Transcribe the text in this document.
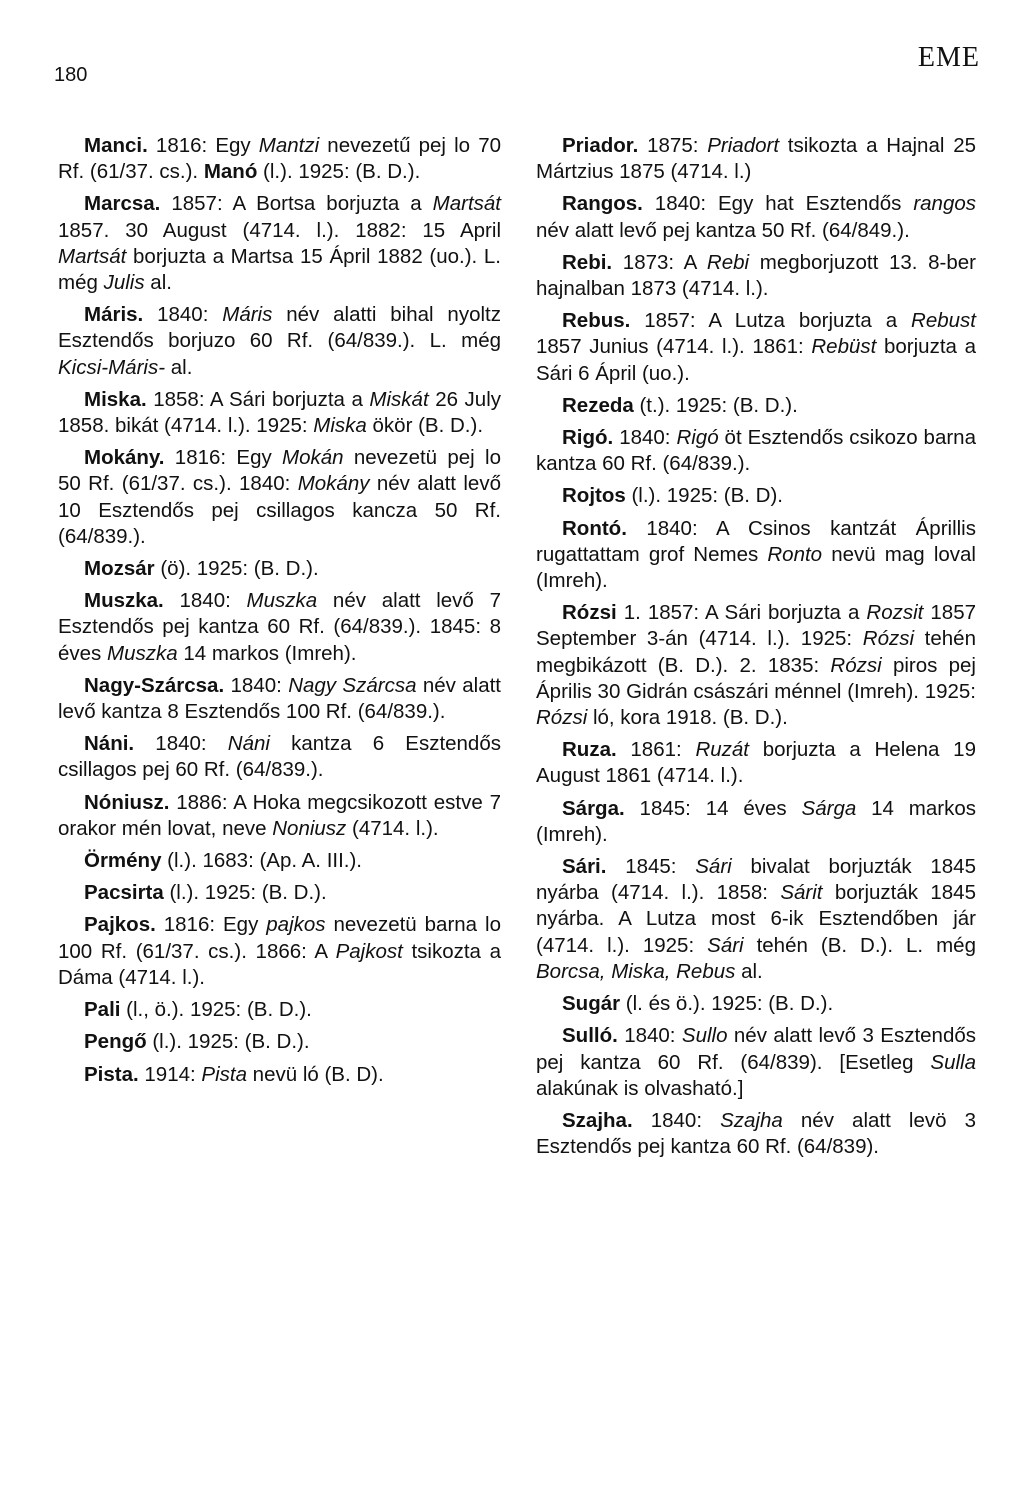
180
EME

Manci. 1816: Egy Mantzi nevezetű pej lo 70 Rf. (61/37. cs.). Manó (l.). 1925: (B. D.).

Marcsa. 1857: A Bortsa borjuzta a Martsát 1857. 30 August (4714. l.). 1882: 15 April Martsát borjuzta a Martsa 15 Ápril 1882 (uo.). L. még Julis al.

Máris. 1840: Máris név alatti bihal nyoltz Esztendős borjuzo 60 Rf. (64/839.). L. még Kicsi-Máris- al.

Miska. 1858: A Sári borjuzta a Miskát 26 July 1858. bikát (4714. l.). 1925: Miska ökör (B. D.).

Mokány. 1816: Egy Mokán nevezetü pej lo 50 Rf. (61/37. cs.). 1840: Mokány név alatt levő 10 Esztendős pej csillagos kancza 50 Rf. (64/839.).

Mozsár (ö). 1925: (B. D.).

Muszka. 1840: Muszka név alatt levő 7 Esztendős pej kantza 60 Rf. (64/839.). 1845: 8 éves Muszka 14 markos (Imreh).

Nagy-Szárcsa. 1840: Nagy Szárcsa név alatt levő kantza 8 Esztendős 100 Rf. (64/839.).

Náni. 1840: Náni kantza 6 Esztendős csillagos pej 60 Rf. (64/839.).

Nóniusz. 1886: A Hoka megcsikozott estve 7 orakor mén lovat, neve Noniusz (4714. l.).

Örmény (l.). 1683: (Ap. A. III.).

Pacsirta (l.). 1925: (B. D.).

Pajkos. 1816: Egy pajkos nevezetü barna lo 100 Rf. (61/37. cs.). 1866: A Pajkost tsikozta a Dáma (4714. l.).

Pali (l., ö.). 1925: (B. D.).

Pengő (l.). 1925: (B. D.).

Pista. 1914: Pista nevü ló (B. D).

Priador. 1875: Priadort tsikozta a Hajnal 25 Mártzius 1875 (4714. l.)

Rangos. 1840: Egy hat Esztendős rangos név alatt levő pej kantza 50 Rf. (64/849.).

Rebi. 1873: A Rebi megborjuzott 13. 8-ber hajnalban 1873 (4714. l.).

Rebus. 1857: A Lutza borjuzta a Rebust 1857 Junius (4714. l.). 1861: Rebüst borjuzta a Sári 6 Ápril (uo.).

Rezeda (t.). 1925: (B. D.).

Rigó. 1840: Rigó öt Esztendős csikozo barna kantza 60 Rf. (64/839.).

Rojtos (l.). 1925: (B. D).

Rontó. 1840: A Csinos kantzát Áprillis rugattattam grof Nemes Ronto nevü mag loval (Imreh).

Rózsi 1. 1857: A Sári borjuzta a Rozsit 1857 September 3-án (4714. l.). 1925: Rózsi tehén megbikázott (B. D.). 2. 1835: Rózsi piros pej Április 30 Gidrán császári ménnel (Imreh). 1925: Rózsi ló, kora 1918. (B. D.).

Ruza. 1861: Ruzát borjuzta a Helena 19 August 1861 (4714. l.).

Sárga. 1845: 14 éves Sárga 14 markos (Imreh).

Sári. 1845: Sári bivalat borjuzták 1845 nyárba (4714. l.). 1858: Sárit borjuzták 1845 nyárba. A Lutza most 6-ik Esztendőben jár (4714. l.). 1925: Sári tehén (B. D.). L. még Borcsa, Miska, Rebus al.

Sugár (l. és ö.). 1925: (B. D.).

Sulló. 1840: Sullo név alatt levő 3 Esztendős pej kantza 60 Rf. (64/839). [Esetleg Sulla alakúnak is olvasható.]

Szajha. 1840: Szajha név alatt levö 3 Esztendős pej kantza 60 Rf. (64/839).
